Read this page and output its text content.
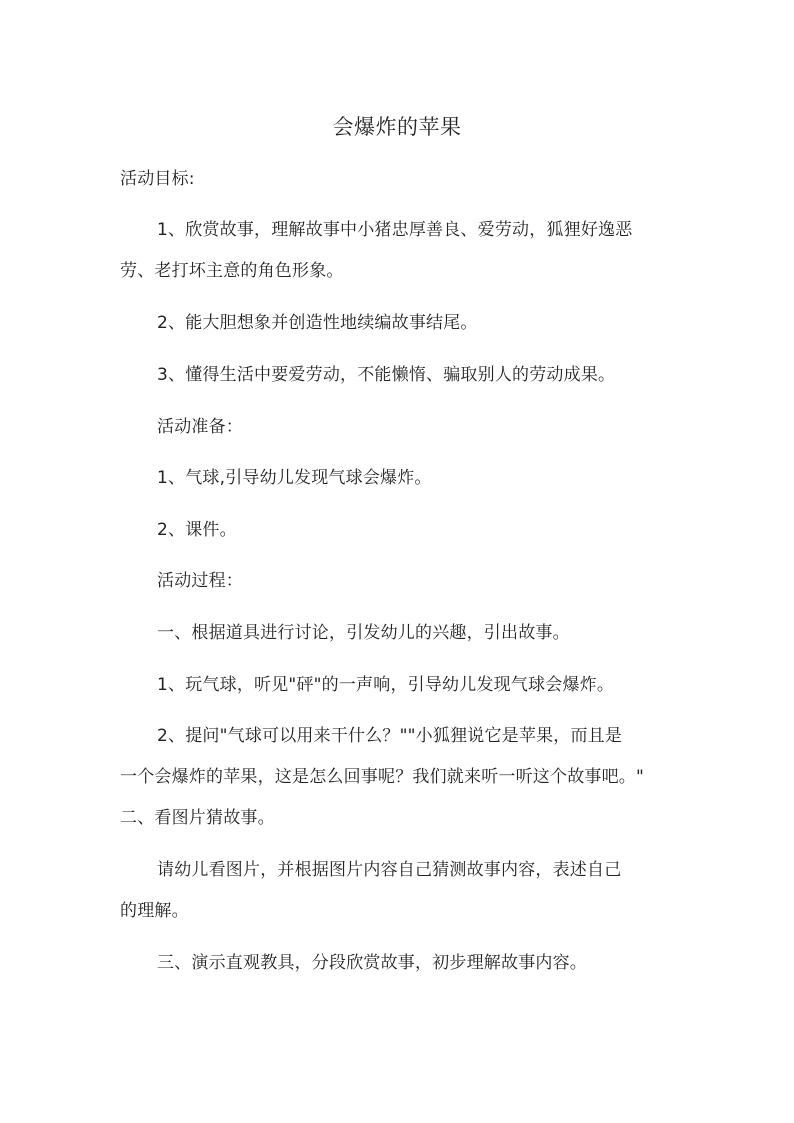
会爆炸的苹果
活动目标:
1、欣赏故事，理解故事中小猪忠厚善良、爱劳动，狐狸好逸恶
劳、老打坏主意的角色形象。
2、能大胆想象并创造性地续编故事结尾。
3、懂得生活中要爱劳动，不能懒惰、骗取别人的劳动成果。
活动准备：
1、气球,引导幼儿发现气球会爆炸。
2、课件。
活动过程：
一、根据道具进行讨论，引发幼儿的兴趣，引出故事。
1、玩气球，听见"砰"的一声响，引导幼儿发现气球会爆炸。
2、提问"气球可以用来干什么？""小狐狸说它是苹果，而且是
一个会爆炸的苹果，这是怎么回事呢？我们就来听一听这个故事吧。"
二、看图片猜故事。
请幼儿看图片，并根据图片内容自己猜测故事内容，表述自己
的理解。
三、演示直观教具，分段欣赏故事，初步理解故事内容。
